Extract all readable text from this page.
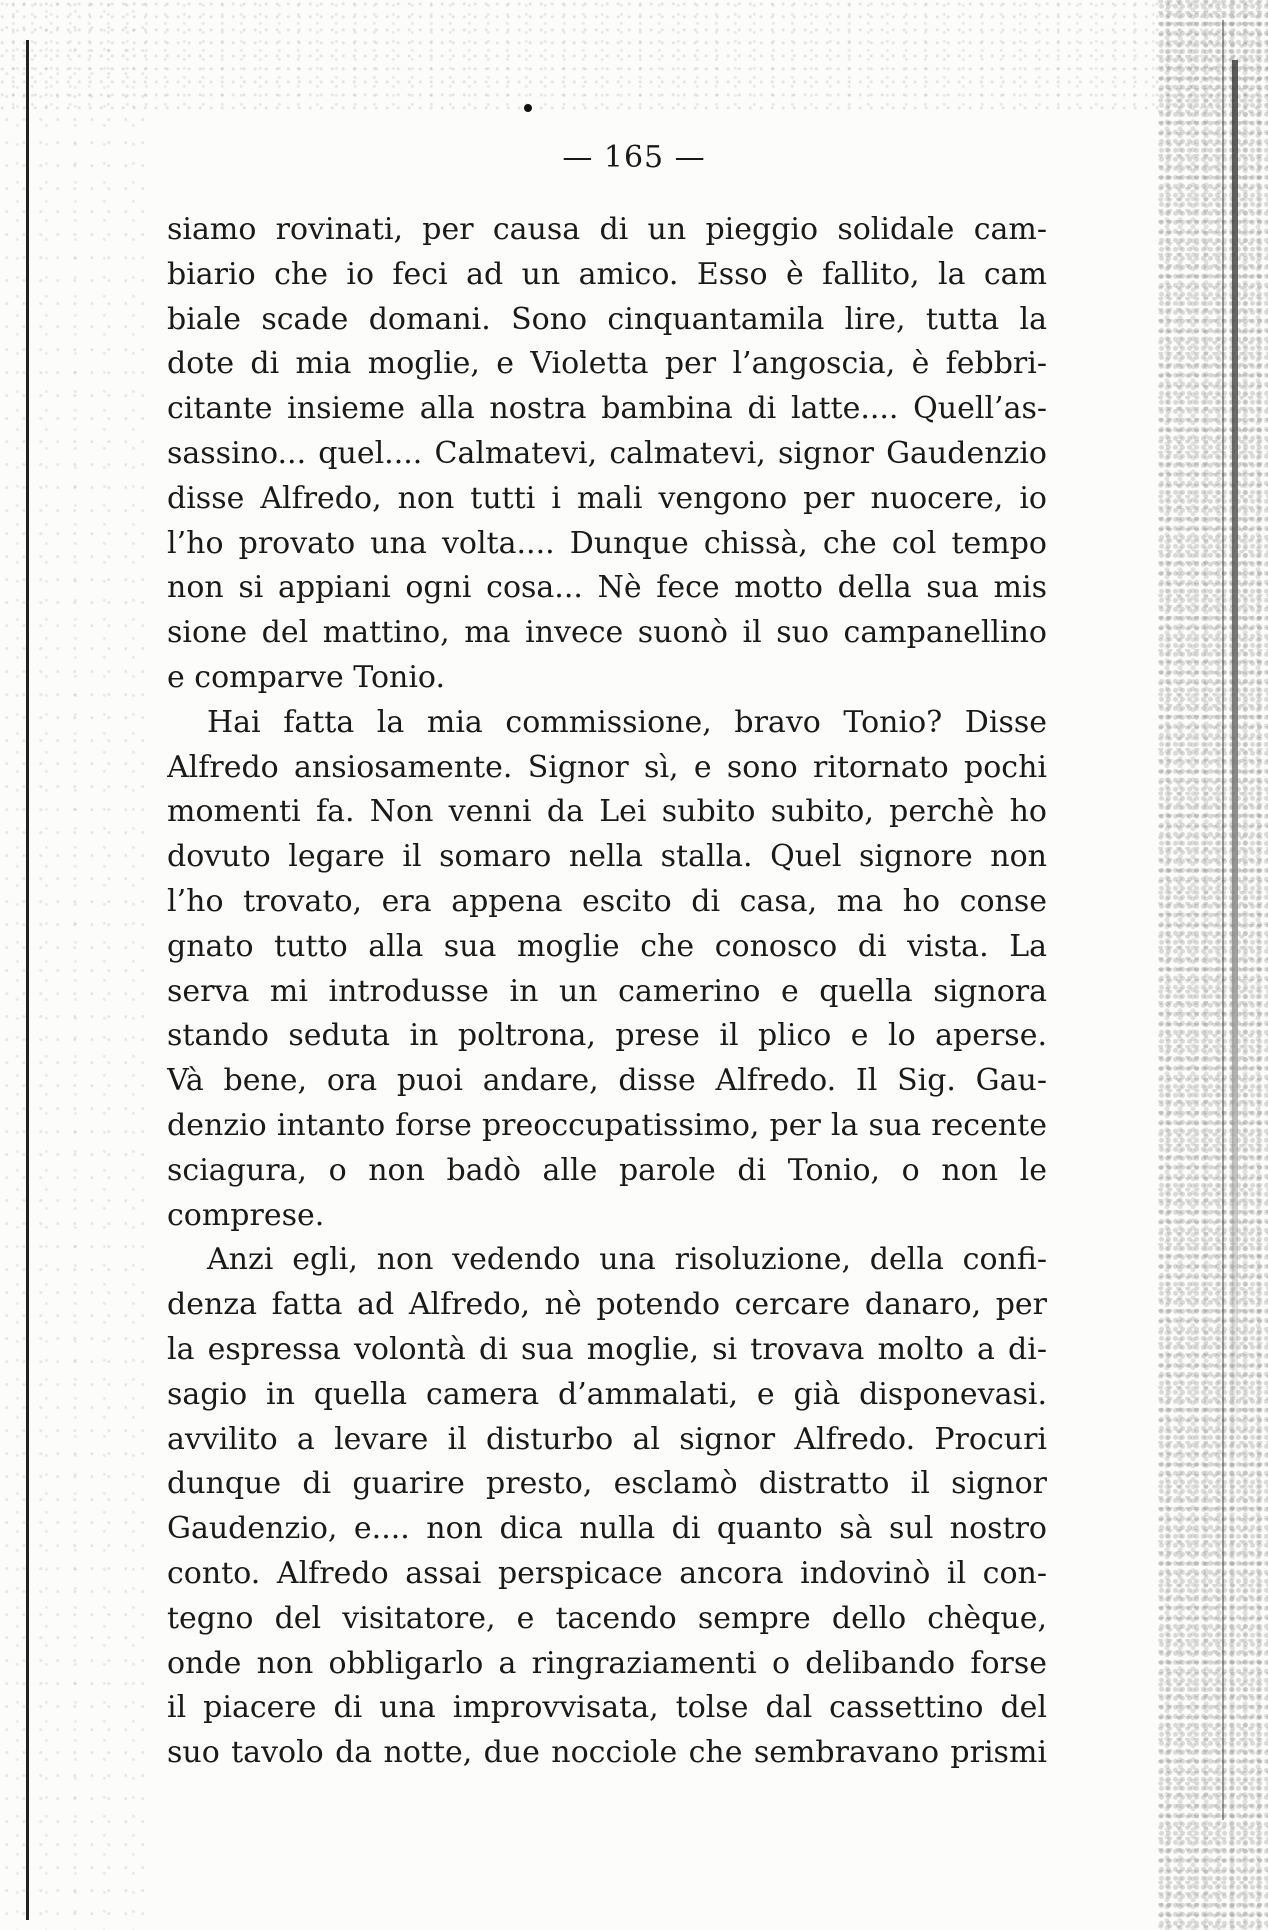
— 165 —
siamo rovinati, per causa di un pieggio solidale cam-
biario che io feci ad un amico. Esso è fallito, la cam
biale scade domani. Sono cinquantamila lire, tutta la
dote di mia moglie, e Violetta per l’angoscia, è febbri-
citante insieme alla nostra bambina di latte.... Quell’as-
sassino... quel.... Calmatevi, calmatevi, signor Gaudenzio
disse Alfredo, non tutti i mali vengono per nuocere, io
l’ho provato una volta.... Dunque chissà, che col tempo
non si appiani ogni cosa... Nè fece motto della sua mis
sione del mattino, ma invece suonò il suo campanellino
e comparve Tonio.
Hai fatta la mia commissione, bravo Tonio? Disse
Alfredo ansiosamente. Signor sì, e sono ritornato pochi
momenti fa. Non venni da Lei subito subito, perchè ho
dovuto legare il somaro nella stalla. Quel signore non
l’ho trovato, era appena escito di casa, ma ho conse
gnato tutto alla sua moglie che conosco di vista. La
serva mi introdusse in un camerino e quella signora
stando seduta in poltrona, prese il plico e lo aperse.
Và bene, ora puoi andare, disse Alfredo. Il Sig. Gau-
denzio intanto forse preoccupatissimo, per la sua recente
sciagura, o non badò alle parole di Tonio, o non le
comprese.
Anzi egli, non vedendo una risoluzione, della confi-
denza fatta ad Alfredo, nè potendo cercare danaro, per
la espressa volontà di sua moglie, si trovava molto a di-
sagio in quella camera d’ammalati, e già disponevasi.
avvilito a levare il disturbo al signor Alfredo. Procuri
dunque di guarire presto, esclamò distratto il signor
Gaudenzio, e.... non dica nulla di quanto sà sul nostro
conto. Alfredo assai perspicace ancora indovinò il con-
tegno del visitatore, e tacendo sempre dello chèque,
onde non obbligarlo a ringraziamenti o delibando forse
il piacere di una improvvisata, tolse dal cassettino del
suo tavolo da notte, due nocciole che sembravano prismi
